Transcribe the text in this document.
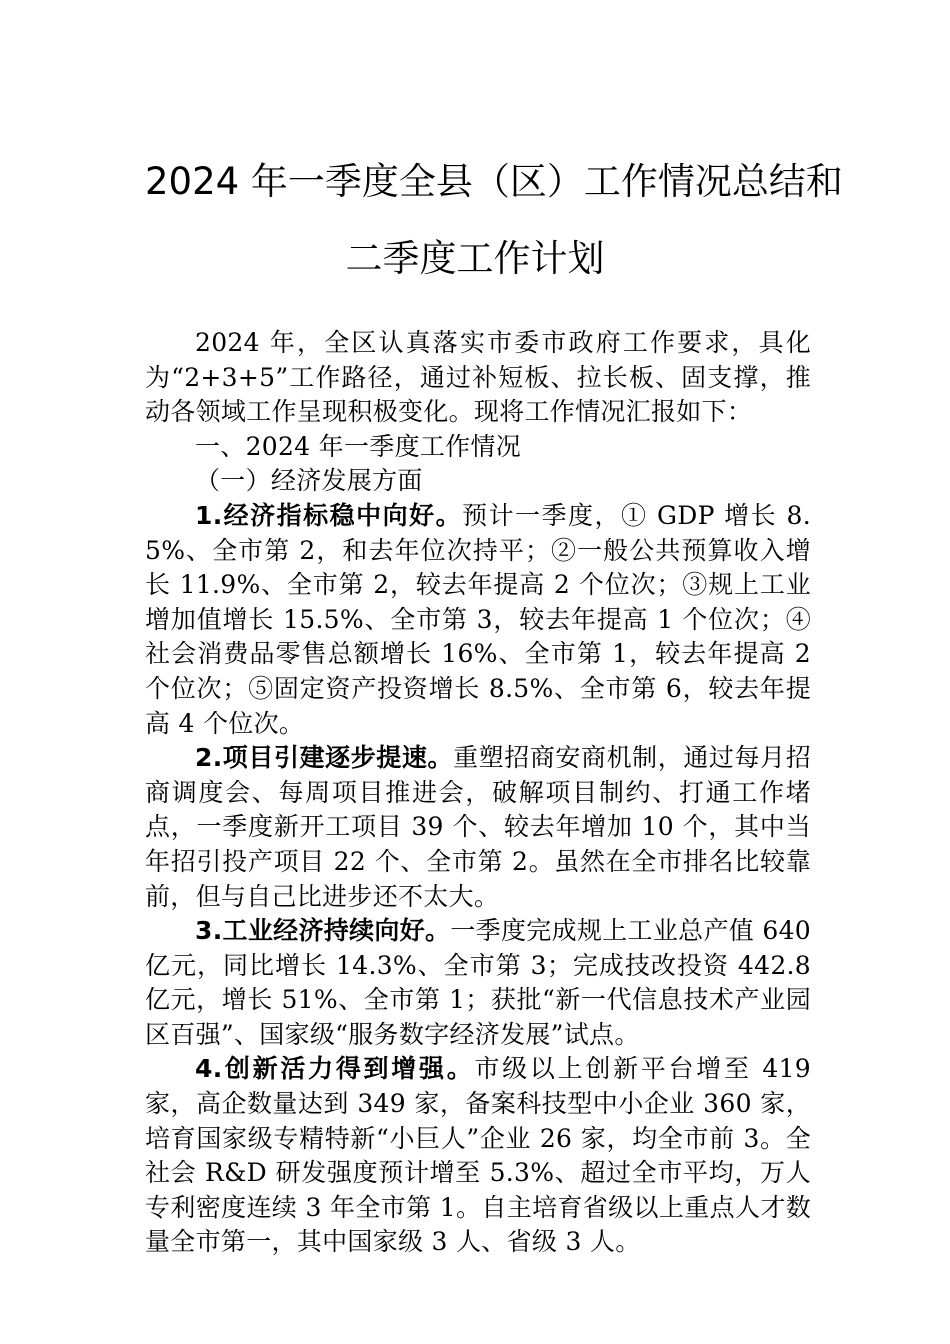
2024 年一季度全县（区）工作情况总结和
二季度工作计划

2024 年，全区认真落实市委市政府工作要求，具化为“2+3+5”工作路径，通过补短板、拉长板、固支撑，推动各领域工作呈现积极变化。现将工作情况汇报如下：

一、2024 年一季度工作情况

（一）经济发展方面

1.经济指标稳中向好。预计一季度，① GDP 增长 8.5%、全市第 2，和去年位次持平；②一般公共预算收入增长 11.9%、全市第 2，较去年提高 2 个位次；③规上工业增加值增长 15.5%、全市第 3，较去年提高 1 个位次；④社会消费品零售总额增长 16%、全市第 1，较去年提高 2 个位次；⑤固定资产投资增长 8.5%、全市第 6，较去年提高 4 个位次。

2.项目引建逐步提速。重塑招商安商机制，通过每月招商调度会、每周项目推进会，破解项目制约、打通工作堵点，一季度新开工项目 39 个、较去年增加 10 个，其中当年招引投产项目 22 个、全市第 2。虽然在全市排名比较靠前，但与自己比进步还不太大。

3.工业经济持续向好。一季度完成规上工业总产值 640 亿元，同比增长 14.3%、全市第 3；完成技改投资 442.8 亿元，增长 51%、全市第 1；获批“新一代信息技术产业园区百强”、国家级“服务数字经济发展”试点。

4.创新活力得到增强。市级以上创新平台增至 419 家，高企数量达到 349 家，备案科技型中小企业 360 家，培育国家级专精特新“小巨人”企业 26 家，均全市前 3。全社会 R&D 研发强度预计增至 5.3%、超过全市平均，万人专利密度连续 3 年全市第 1。自主培育省级以上重点人才数量全市第一，其中国家级 3 人、省级 3 人。
